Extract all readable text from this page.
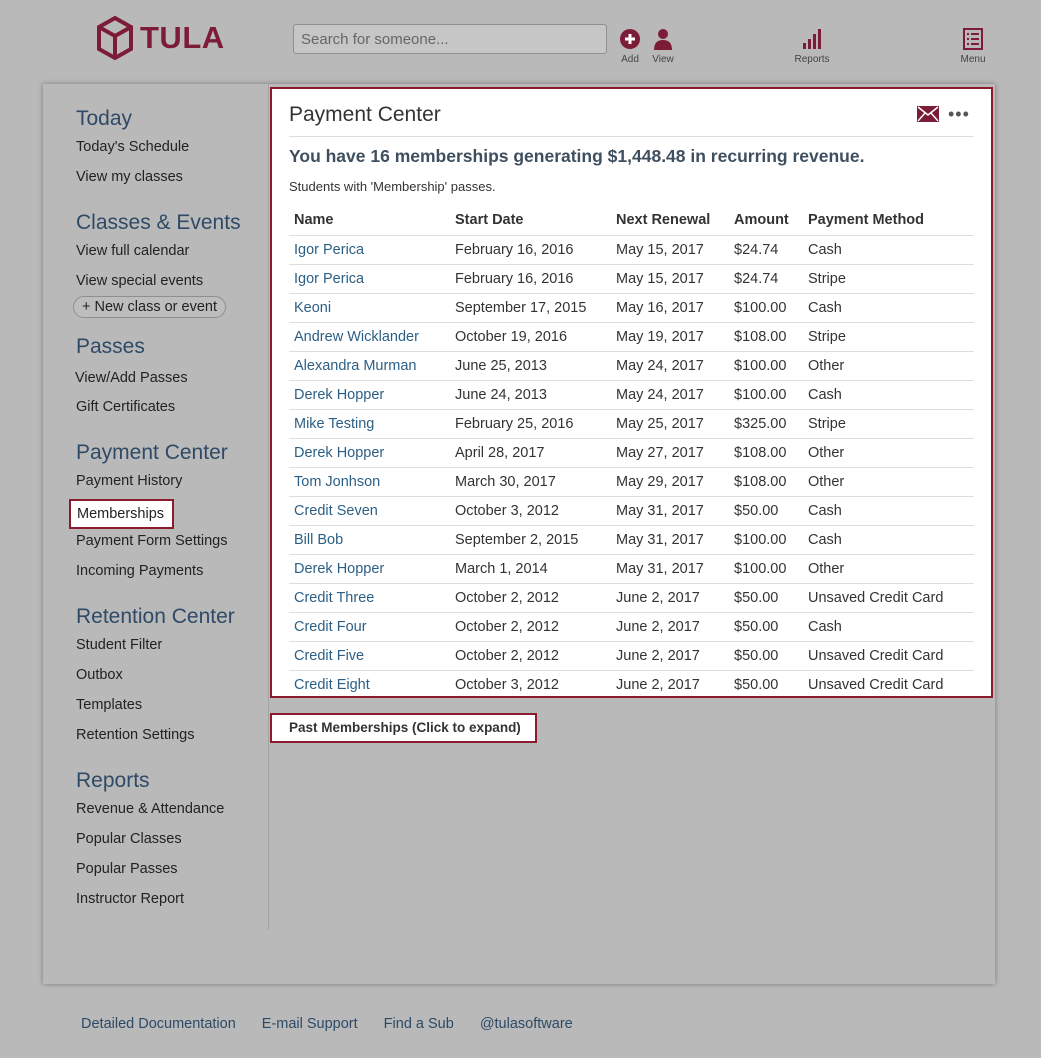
TULA
Search for someone...
Add	View	Reports	Menu
Today
Today's Schedule
View my classes
Classes & Events
View full calendar
View special events
+ New class or event
Passes
View/Add Passes
Gift Certificates
Payment Center
Payment History
Memberships
Payment Form Settings
Incoming Payments
Retention Center
Student Filter
Outbox
Templates
Retention Settings
Reports
Revenue & Attendance
Popular Classes
Popular Passes
Instructor Report
Payment Center	•••
You have 16 memberships generating $1,448.48 in recurring revenue.
Students with 'Membership' passes.
Name	Start Date	Next Renewal	Amount	Payment Method
Igor Perica	February 16, 2016	May 15, 2017	$24.74	Cash
Igor Perica	February 16, 2016	May 15, 2017	$24.74	Stripe
Keoni	September 17, 2015	May 16, 2017	$100.00	Cash
Andrew Wicklander	October 19, 2016	May 19, 2017	$108.00	Stripe
Alexandra Murman	June 25, 2013	May 24, 2017	$100.00	Other
Derek Hopper	June 24, 2013	May 24, 2017	$100.00	Cash
Mike Testing	February 25, 2016	May 25, 2017	$325.00	Stripe
Derek Hopper	April 28, 2017	May 27, 2017	$108.00	Other
Tom Jonhson	March 30, 2017	May 29, 2017	$108.00	Other
Credit Seven	October 3, 2012	May 31, 2017	$50.00	Cash
Bill Bob	September 2, 2015	May 31, 2017	$100.00	Cash
Derek Hopper	March 1, 2014	May 31, 2017	$100.00	Other
Credit Three	October 2, 2012	June 2, 2017	$50.00	Unsaved Credit Card
Credit Four	October 2, 2012	June 2, 2017	$50.00	Cash
Credit Five	October 2, 2012	June 2, 2017	$50.00	Unsaved Credit Card
Credit Eight	October 3, 2012	June 2, 2017	$50.00	Unsaved Credit Card
Past Memberships (Click to expand)
Detailed Documentation E-mail Support Find a Sub @tulasoftware
